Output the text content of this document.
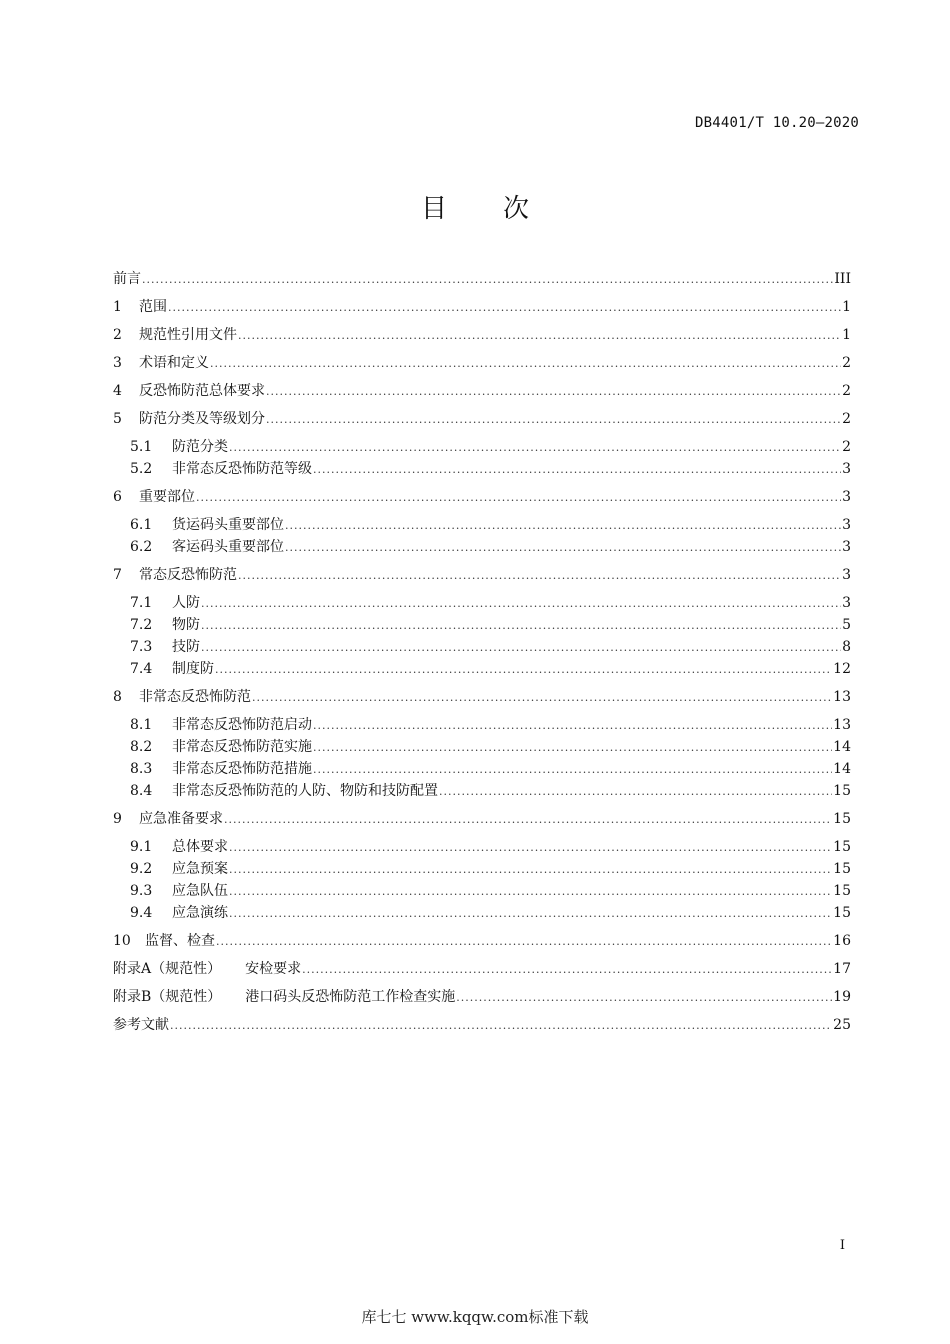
DB4401/T 10.20—2020
目次
前言 .....	III
1	范围 .....	1
2	规范性引用文件 .....	1
3	术语和定义 .....	2
4	反恐怖防范总体要求 .....	2
5	防范分类及等级划分 .....	2
5.1	防范分类 .....	2
5.2	非常态反恐怖防范等级 .....	3
6	重要部位 .....	3
6.1	货运码头重要部位 .....	3
6.2	客运码头重要部位 .....	3
7	常态反恐怖防范 .....	3
7.1	人防 .....	3
7.2	物防 .....	5
7.3	技防 .....	8
7.4	制度防 .....	12
8	非常态反恐怖防范 .....	13
8.1	非常态反恐怖防范启动 .....	13
8.2	非常态反恐怖防范实施 .....	14
8.3	非常态反恐怖防范措施 .....	14
8.4	非常态反恐怖防范的人防、物防和技防配置 .....	15
9	应急准备要求 .....	15
9.1	总体要求 .....	15
9.2	应急预案 .....	15
9.3	应急队伍 .....	15
9.4	应急演练 .....	15
10	监督、检查 .....	16
附录A（规范性） 安检要求 .....	17
附录B（规范性） 港口码头反恐怖防范工作检查实施 .....	19
参考文献 .....	25
I
库七七 www.kqqw.com标准下载
